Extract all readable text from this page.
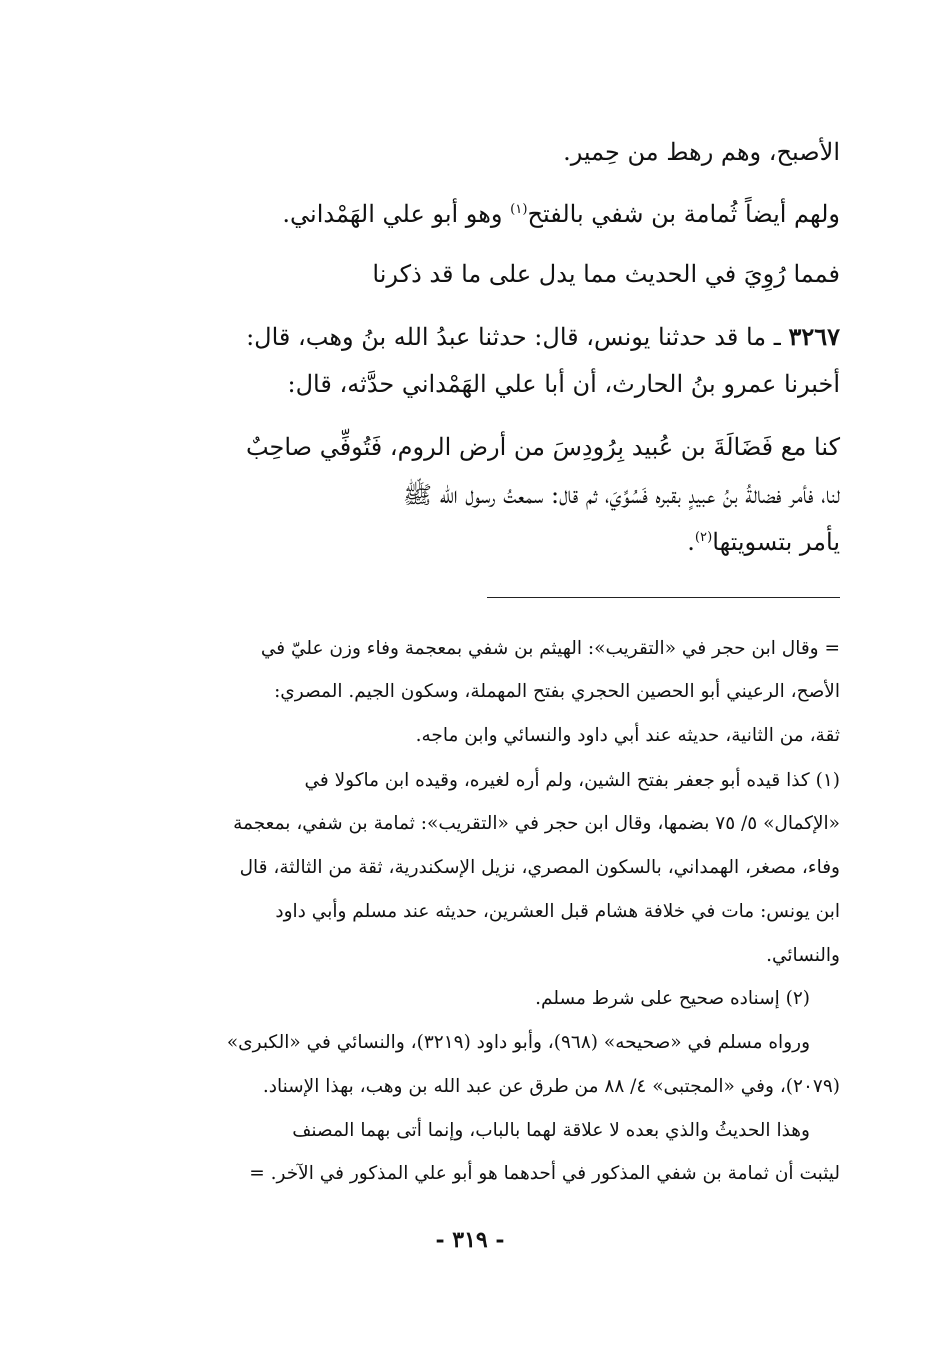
الأصبح، وهم رهط من حِمير.
ولهم أيضاً ثُمامة بن شفي بالفتح$^{(١)}$ وهو أبو علي الهَمْداني.
فمما رُوِيَ في الحديث مما يدل على ما قد ذكرنا
٣٢٦٧ ـ ما قد حدثنا يونس، قال: حدثنا عبدُ الله بنُ وهب، قال:
أخبرنا عمرو بنُ الحارث، أن أبا علي الهَمْداني حدَّثه، قال:
كنا مع فَضَالَةَ بن عُبيد بِرُودِسَ من أرض الروم، فَتُوفِّي صاحِبٌ
لنا، فأمر فضالةُ بنُ عبيدٍ بقبره فَسُوِّيَ، ثم قال: سمعتُ رسول الله ﷺ
يأمر بتسويتها$^{(٢)}$.
= وقال ابن حجر في «التقريب»: الهيثم بن شفي بمعجمة وفاء وزن عليّ في
الأصح، الرعيني أبو الحصين الحجري بفتح المهملة، وسكون الجيم. المصري:
ثقة، من الثانية، حديثه عند أبي داود والنسائي وابن ماجه.
(١) كذا قيده أبو جعفر بفتح الشين، ولم أره لغيره، وقيده ابن ماكولا في
«الإكمال» ٥/ ٧٥ بضمها، وقال ابن حجر في «التقريب»: ثمامة بن شفي، بمعجمة
وفاء، مصغر، الهمداني، بالسكون المصري، نزيل الإسكندرية، ثقة من الثالثة، قال
ابن يونس: مات في خلافة هشام قبل العشرين، حديثه عند مسلم وأبي داود
والنسائي.
(٢) إسناده صحيح على شرط مسلم.
ورواه مسلم في «صحيحه» (٩٦٨)، وأبو داود (٣٢١٩)، والنسائي في «الكبرى»
(٢٠٧٩)، وفي «المجتبى» ٤/ ٨٨ من طرق عن عبد الله بن وهب، بهذا الإسناد.
وهذا الحديثُ والذي بعده لا علاقة لهما بالباب، وإنما أتى بهما المصنف
ليثبت أن ثمامة بن شفي المذكور في أحدهما هو أبو علي المذكور في الآخر. =
- ٣١٩ -
